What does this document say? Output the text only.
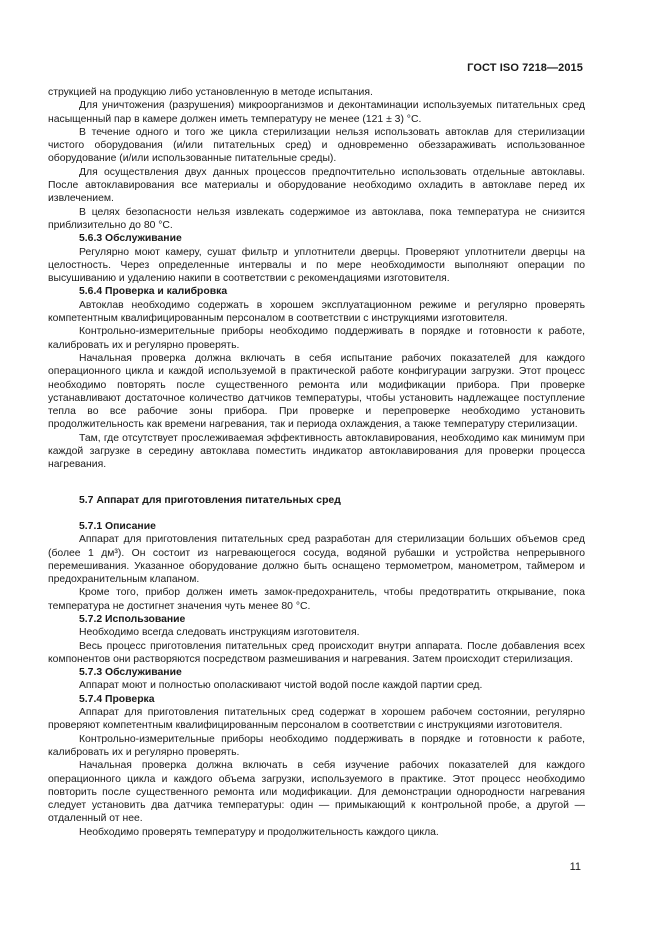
ГОСТ ISO 7218—2015

струкцией на продукцию либо установленную в методе испытания.

Для уничтожения (разрушения) микроорганизмов и деконтаминации используемых питательных сред насыщенный пар в камере должен иметь температуру не менее (121 ± 3) °С.

В течение одного и того же цикла стерилизации нельзя использовать автоклав для стерилизации чистого оборудования (и/или питательных сред) и одновременно обеззараживать использованное оборудование (и/или использованные питательные среды).

Для осуществления двух данных процессов предпочтительно использовать отдельные автоклавы. После автоклавирования все материалы и оборудование необходимо охладить в автоклаве перед их извлечением.

В целях безопасности нельзя извлекать содержимое из автоклава, пока температура не снизится приблизительно до 80 °С.

5.6.3 Обслуживание

Регулярно моют камеру, сушат фильтр и уплотнители дверцы. Проверяют уплотнители дверцы на целостность. Через определенные интервалы и по мере необходимости выполняют операции по высушиванию и удалению накипи в соответствии с рекомендациями изготовителя.

5.6.4 Проверка и калибровка

Автоклав необходимо содержать в хорошем эксплуатационном режиме и регулярно проверять компетентным квалифицированным персоналом в соответствии с инструкциями изготовителя.

Контрольно-измерительные приборы необходимо поддерживать в порядке и готовности к работе, калибровать их и регулярно проверять.

Начальная проверка должна включать в себя испытание рабочих показателей для каждого операционного цикла и каждой используемой в практической работе конфигурации загрузки. Этот процесс необходимо повторять после существенного ремонта или модификации прибора. При проверке устанавливают достаточное количество датчиков температуры, чтобы установить надлежащее поступление тепла во все рабочие зоны прибора. При проверке и перепроверке необходимо установить продолжительность как времени нагревания, так и периода охлаждения, а также температуру стерилизации.

Там, где отсутствует прослеживаемая эффективность автоклавирования, необходимо как минимум при каждой загрузке в середину автоклава поместить индикатор автоклавирования для проверки процесса нагревания.

5.7 Аппарат для приготовления питательных сред
5.7.1 Описание

Аппарат для приготовления питательных сред разработан для стерилизации больших объемов сред (более 1 дм³). Он состоит из нагревающегося сосуда, водяной рубашки и устройства непрерывного перемешивания. Указанное оборудование должно быть оснащено термометром, манометром, таймером и предохранительным клапаном.

Кроме того, прибор должен иметь замок-предохранитель, чтобы предотвратить открывание, пока температура не достигнет значения чуть менее 80 °С.

5.7.2 Использование

Необходимо всегда следовать инструкциям изготовителя.

Весь процесс приготовления питательных сред происходит внутри аппарата. После добавления всех компонентов они растворяются посредством размешивания и нагревания. Затем происходит стерилизация.

5.7.3 Обслуживание

Аппарат моют и полностью ополаскивают чистой водой после каждой партии сред.

5.7.4 Проверка

Аппарат для приготовления питательных сред содержат в хорошем рабочем состоянии, регулярно проверяют компетентным квалифицированным персоналом в соответствии с инструкциями изготовителя.

Контрольно-измерительные приборы необходимо поддерживать в порядке и готовности к работе, калибровать их и регулярно проверять.

Начальная проверка должна включать в себя изучение рабочих показателей для каждого операционного цикла и каждого объема загрузки, используемого в практике. Этот процесс необходимо повторить после существенного ремонта или модификации. Для демонстрации однородности нагревания следует установить два датчика температуры: один — примыкающий к контрольной пробе, а другой — отдаленный от нее.

Необходимо проверять температуру и продолжительность каждого цикла.

11
